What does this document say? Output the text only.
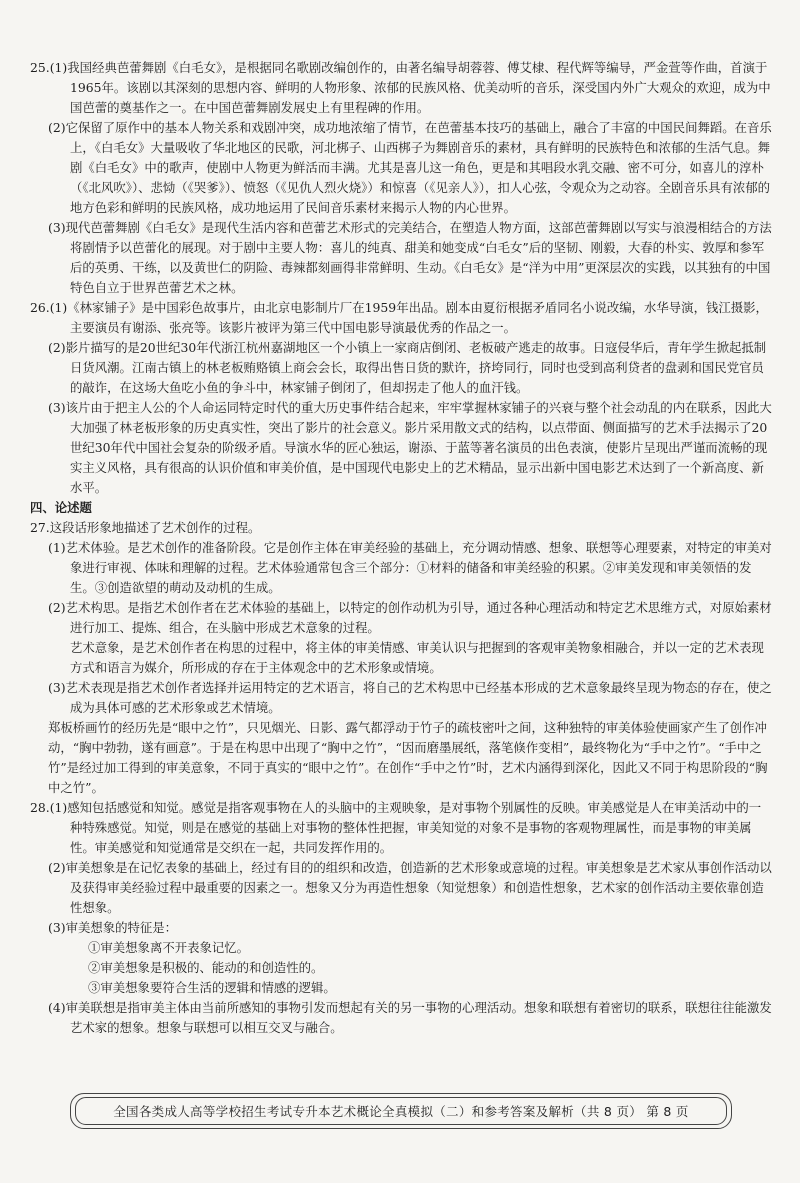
25.(1)我国经典芭蕾舞剧《白毛女》，是根据同名歌剧改编创作的，由著名编导胡蓉蓉、傅艾棣、程代辉等编导，严金萱等作曲，首演于1965年。该剧以其深刻的思想内容、鲜明的人物形象、浓郁的民族风格、优美动听的音乐，深受国内外广大观众的欢迎，成为中国芭蕾的奠基作之一。在中国芭蕾舞剧发展史上有里程碑的作用。

(2)它保留了原作中的基本人物关系和戏剧冲突，成功地浓缩了情节，在芭蕾基本技巧的基础上，融合了丰富的中国民间舞蹈。在音乐上，《白毛女》大量吸收了华北地区的民歌，河北梆子、山西梆子为舞剧音乐的素材，具有鲜明的民族特色和浓郁的生活气息。舞剧《白毛女》中的歌声，使剧中人物更为鲜活而丰满。尤其是喜儿这一角色，更是和其唱段水乳交融、密不可分，如喜儿的淳朴（《北风吹》）、悲恸（《哭爹》）、愤怒（《见仇人烈火烧》）和惊喜（《见亲人》），扣人心弦，令观众为之动容。全剧音乐具有浓郁的地方色彩和鲜明的民族风格，成功地运用了民间音乐素材来揭示人物的内心世界。

(3)现代芭蕾舞剧《白毛女》是现代生活内容和芭蕾艺术形式的完美结合，在塑造人物方面，这部芭蕾舞剧以写实与浪漫相结合的方法将剧情予以芭蕾化的展现。对于剧中主要人物：喜儿的纯真、甜美和她变成“白毛女”后的坚韧、刚毅，大春的朴实、敦厚和参军后的英勇、干练，以及黄世仁的阴险、毒辣都刻画得非常鲜明、生动。《白毛女》是“洋为中用”更深层次的实践，以其独有的中国特色自立于世界芭蕾艺术之林。

26.(1)《林家铺子》是中国彩色故事片，由北京电影制片厂在1959年出品。剧本由夏衍根据矛盾同名小说改编，水华导演，钱江摄影，主要演员有谢添、张亮等。该影片被评为第三代中国电影导演最优秀的作品之一。

(2)影片描写的是20世纪30年代浙江杭州嘉湖地区一个小镇上一家商店倒闭、老板破产逃走的故事。日寇侵华后，青年学生掀起抵制日货风潮。江南古镇上的林老板贿赂镇上商会会长，取得出售日货的默许，挤垮同行，同时也受到高利贷者的盘剥和国民党官员的敲诈，在这场大鱼吃小鱼的争斗中，林家铺子倒闭了，但却拐走了他人的血汗钱。

(3)该片由于把主人公的个人命运同特定时代的重大历史事件结合起来，牢牢掌握林家铺子的兴衰与整个社会动乱的内在联系，因此大大加强了林老板形象的历史真实性，突出了影片的社会意义。影片采用散文式的结构，以点带面、侧面描写的艺术手法揭示了20世纪30年代中国社会复杂的阶级矛盾。导演水华的匠心独运，谢添、于蓝等著名演员的出色表演，使影片呈现出严谨而流畅的现实主义风格，具有很高的认识价值和审美价值，是中国现代电影史上的艺术精品，显示出新中国电影艺术达到了一个新高度、新水平。

四、论述题

27.这段话形象地描述了艺术创作的过程。

(1)艺术体验。是艺术创作的准备阶段。它是创作主体在审美经验的基础上，充分调动情感、想象、联想等心理要素，对特定的审美对象进行审视、体味和理解的过程。艺术体验通常包含三个部分：①材料的储备和审美经验的积累。②审美发现和审美领悟的发生。③创造欲望的萌动及动机的生成。

(2)艺术构思。是指艺术创作者在艺术体验的基础上，以特定的创作动机为引导，通过各种心理活动和特定艺术思维方式，对原始素材进行加工、提炼、组合，在头脑中形成艺术意象的过程。

艺术意象，是艺术创作者在构思的过程中，将主体的审美情感、审美认识与把握到的客观审美物象相融合，并以一定的艺术表现方式和语言为媒介，所形成的存在于主体观念中的艺术形象或情境。

(3)艺术表现是指艺术创作者选择并运用特定的艺术语言，将自己的艺术构思中已经基本形成的艺术意象最终呈现为物态的存在，使之成为具体可感的艺术形象或艺术情境。

郑板桥画竹的经历先是“眼中之竹”，只见烟光、日影、露气都浮动于竹子的疏枝密叶之间，这种独特的审美体验使画家产生了创作冲动，“胸中勃勃，遂有画意”。于是在构思中出现了“胸中之竹”，“因而磨墨展纸，落笔倏作变相”，最终物化为“手中之竹”。“手中之竹”是经过加工得到的审美意象，不同于真实的“眼中之竹”。在创作“手中之竹”时，艺术内涵得到深化，因此又不同于构思阶段的“胸中之竹”。

28.(1)感知包括感觉和知觉。感觉是指客观事物在人的头脑中的主观映象，是对事物个别属性的反映。审美感觉是人在审美活动中的一种特殊感觉。知觉，则是在感觉的基础上对事物的整体性把握，审美知觉的对象不是事物的客观物理属性，而是事物的审美属性。审美感觉和知觉通常是交织在一起，共同发挥作用的。

(2)审美想象是在记忆表象的基础上，经过有目的的组织和改造，创造新的艺术形象或意境的过程。审美想象是艺术家从事创作活动以及获得审美经验过程中最重要的因素之一。想象又分为再造性想象（知觉想象）和创造性想象，艺术家的创作活动主要依靠创造性想象。

(3)审美想象的特征是：

①审美想象离不开表象记忆。

②审美想象是积极的、能动的和创造性的。

③审美想象要符合生活的逻辑和情感的逻辑。

(4)审美联想是指审美主体由当前所感知的事物引发而想起有关的另一事物的心理活动。想象和联想有着密切的联系，联想往往能激发艺术家的想象。想象与联想可以相互交叉与融合。

全国各类成人高等学校招生考试专升本艺术概论全真模拟（二）和参考答案及解析（共 8 页） 第 8 页
